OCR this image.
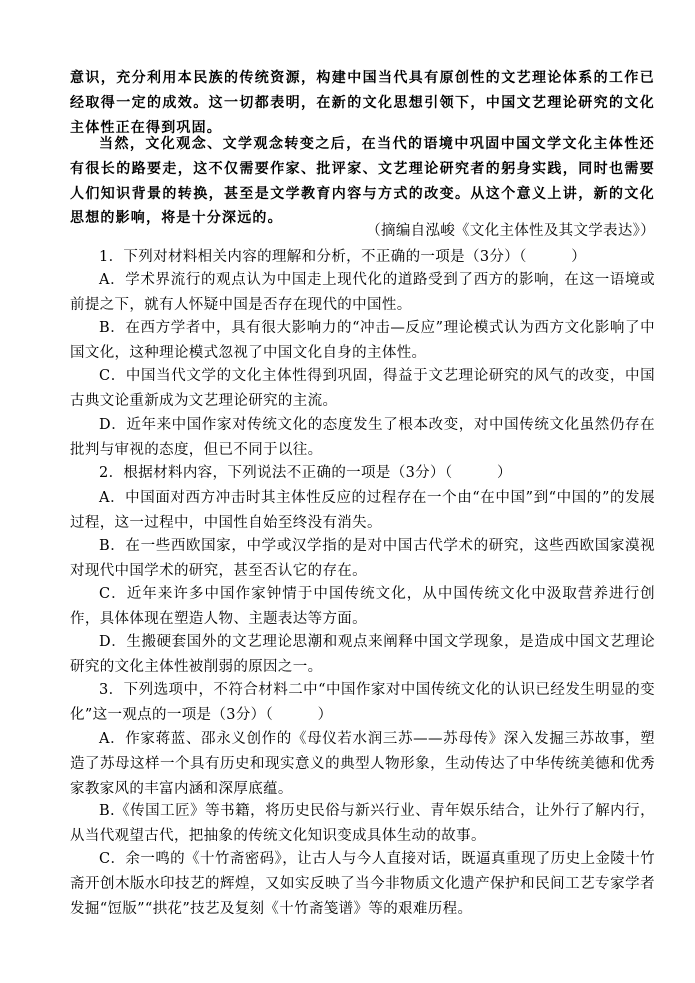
意识，充分利用本民族的传统资源，构建中国当代具有原创性的文艺理论体系的工作已经取得一定的成效。这一切都表明，在新的文化思想引领下，中国文艺理论研究的文化主体性正在得到巩固。
当然，文化观念、文学观念转变之后，在当代的语境中巩固中国文学文化主体性还有很长的路要走，这不仅需要作家、批评家、文艺理论研究者的躬身实践，同时也需要人们知识背景的转换，甚至是文学教育内容与方式的改变。从这个意义上讲，新的文化思想的影响，将是十分深远的。
（摘编自泓峻《文化主体性及其文学表达》）
1．下列对材料相关内容的理解和分析，不正确的一项是（3分）（　　　）
A．学术界流行的观点认为中国走上现代化的道路受到了西方的影响，在这一语境或前提之下，就有人怀疑中国是否存在现代的中国性。
B．在西方学者中，具有很大影响力的“冲击—反应”理论模式认为西方文化影响了中国文化，这种理论模式忽视了中国文化自身的主体性。
C．中国当代文学的文化主体性得到巩固，得益于文艺理论研究的风气的改变，中国古典文论重新成为文艺理论研究的主流。
D．近年来中国作家对传统文化的态度发生了根本改变，对中国传统文化虽然仍存在批判与审视的态度，但已不同于以往。
2．根据材料内容，下列说法不正确的一项是（3分）（　　　）
A．中国面对西方冲击时其主体性反应的过程存在一个由“在中国”到“中国的”的发展过程，这一过程中，中国性自始至终没有消失。
B．在一些西欧国家，中学或汉学指的是对中国古代学术的研究，这些西欧国家漠视对现代中国学术的研究，甚至否认它的存在。
C．近年来许多中国作家钟情于中国传统文化，从中国传统文化中汲取营养进行创作，具体体现在塑造人物、主题表达等方面。
D．生搬硬套国外的文艺理论思潮和观点来阐释中国文学现象，是造成中国文艺理论研究的文化主体性被削弱的原因之一。
3．下列选项中，不符合材料二中“中国作家对中国传统文化的认识已经发生明显的变化”这一观点的一项是（3分）（　　　）
A．作家蒋蓝、邵永义创作的《母仪若水润三苏——苏母传》深入发掘三苏故事，塑造了苏母这样一个具有历史和现实意义的典型人物形象，生动传达了中华传统美德和优秀家教家风的丰富内涵和深厚底蕴。
B.《传国工匠》等书籍，将历史民俗与新兴行业、青年娱乐结合，让外行了解内行，从当代观望古代，把抽象的传统文化知识变成具体生动的故事。
C．余一鸣的《十竹斋密码》，让古人与今人直接对话，既逼真重现了历史上金陵十竹斋开创木版水印技艺的辉煌，又如实反映了当今非物质文化遗产保护和民间工艺专家学者发掘“饾版”“拱花”技艺及复刻《十竹斋笺谱》等的艰难历程。
